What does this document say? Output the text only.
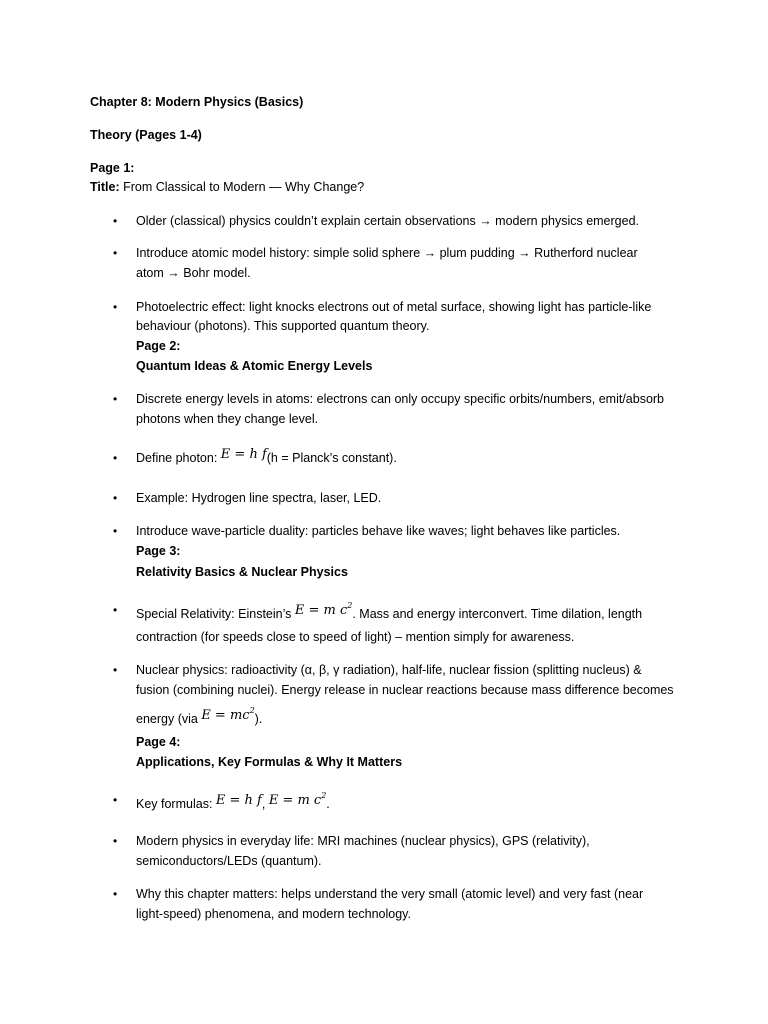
Chapter 8: Modern Physics (Basics)
Theory (Pages 1-4)
Page 1:
Title: From Classical to Modern — Why Change?
• Older (classical) physics couldn’t explain certain observations → modern physics emerged.
• Introduce atomic model history: simple solid sphere → plum pudding → Rutherford nuclear
atom → Bohr model.
• Photoelectric effect: light knocks electrons out of metal surface, showing light has particle-like
behaviour (photons). This supported quantum theory.
Page 2:
Quantum Ideas & Atomic Energy Levels
• Discrete energy levels in atoms: electrons can only occupy specific orbits/numbers, emit/absorb
photons when they change level.
• Define photon: E = h f(h = Planck’s constant).
• Example: Hydrogen line spectra, laser, LED.
• Introduce wave-particle duality: particles behave like waves; light behaves like particles.
Page 3:
Relativity Basics & Nuclear Physics
• Special Relativity: Einstein’s E = m $c^2$. Mass and energy interconvert. Time dilation, length
contraction (for speeds close to speed of light) – mention simply for awareness.
• Nuclear physics: radioactivity (α, β, γ radiation), half-life, nuclear fission (splitting nucleus) &
fusion (combining nuclei). Energy release in nuclear reactions because mass difference becomes
energy (via $E = mc^2$).
Page 4:
Applications, Key Formulas & Why It Matters
• Key formulas: E = h f, E = m $c^2$.
• Modern physics in everyday life: MRI machines (nuclear physics), GPS (relativity),
semiconductors/LEDs (quantum).
• Why this chapter matters: helps understand the very small (atomic level) and very fast (near
light-speed) phenomena, and modern technology.
